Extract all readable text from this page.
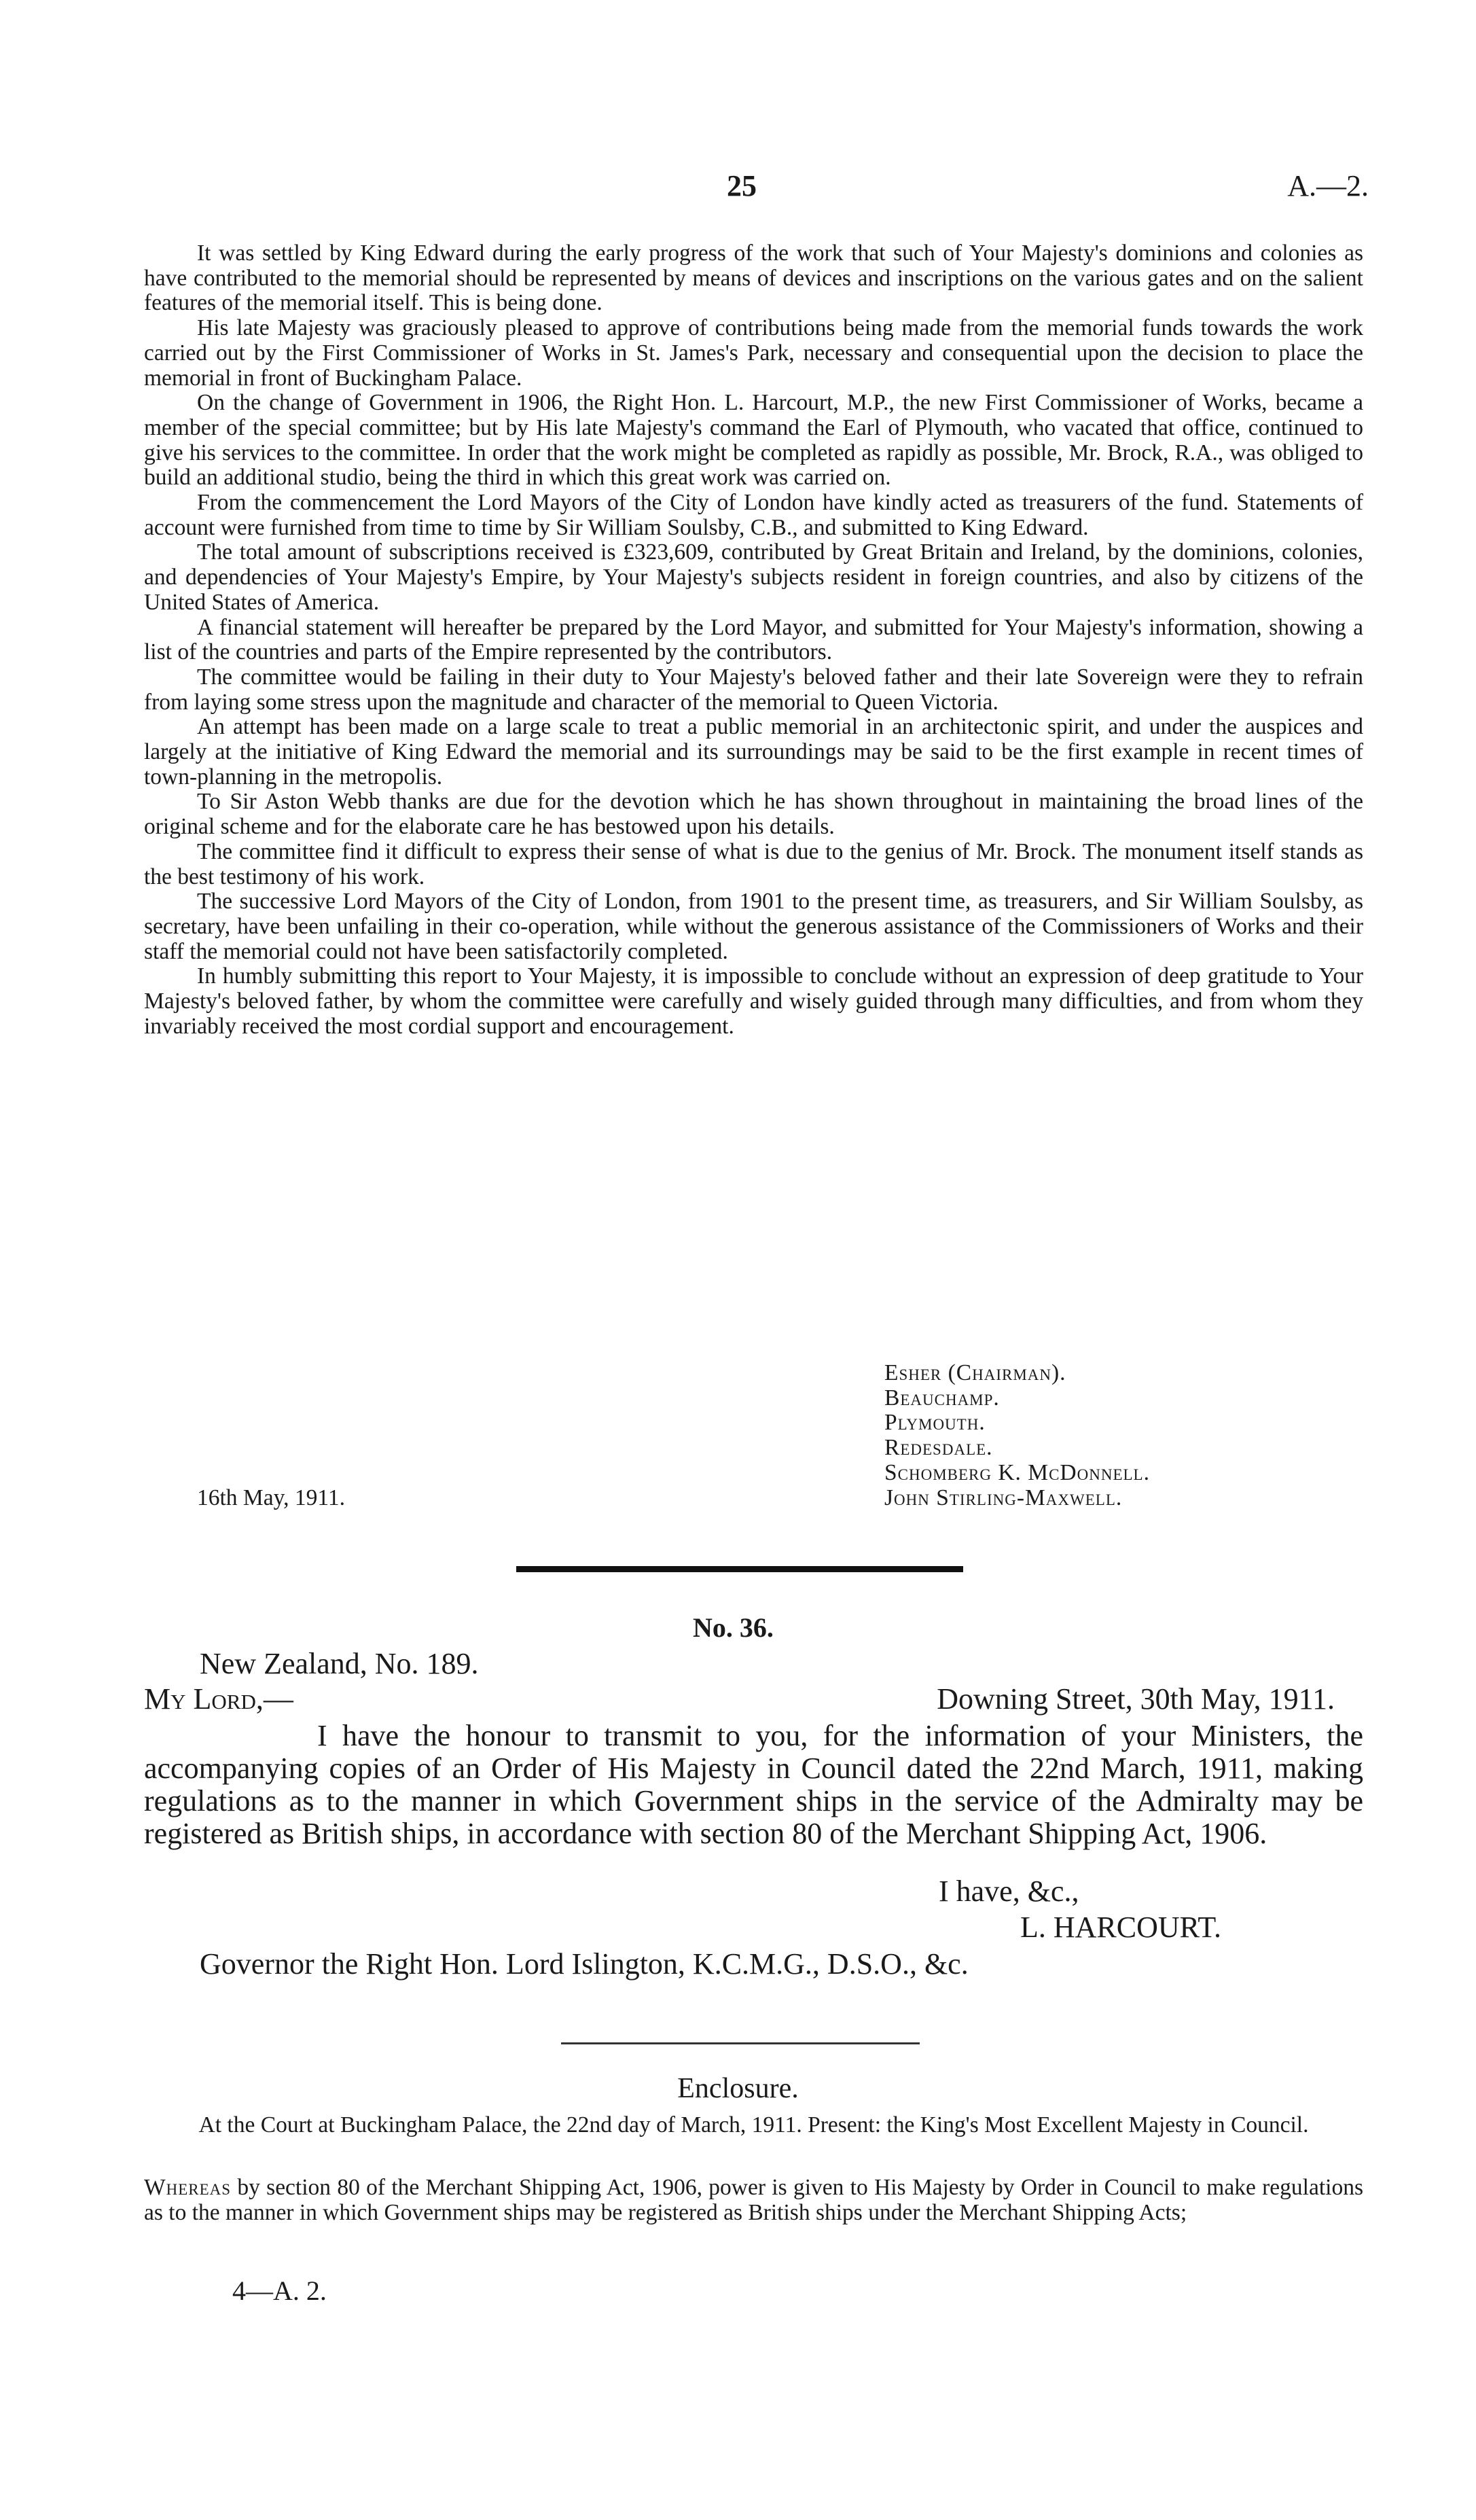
25	A.—2.

It was settled by King Edward during the early progress of the work that such of Your Majesty's dominions and colonies as have contributed to the memorial should be represented by means of devices and inscriptions on the various gates and on the salient features of the memorial itself. This is being done.

His late Majesty was graciously pleased to approve of contributions being made from the memorial funds towards the work carried out by the First Commissioner of Works in St. James's Park, necessary and consequential upon the decision to place the memorial in front of Buckingham Palace.

On the change of Government in 1906, the Right Hon. L. Harcourt, M.P., the new First Commissioner of Works, became a member of the special committee; but by His late Majesty's command the Earl of Plymouth, who vacated that office, continued to give his services to the committee. In order that the work might be completed as rapidly as possible, Mr. Brock, R.A., was obliged to build an additional studio, being the third in which this great work was carried on.

From the commencement the Lord Mayors of the City of London have kindly acted as treasurers of the fund. Statements of account were furnished from time to time by Sir William Soulsby, C.B., and submitted to King Edward.

The total amount of subscriptions received is £323,609, contributed by Great Britain and Ireland, by the dominions, colonies, and dependencies of Your Majesty's Empire, by Your Majesty's subjects resident in foreign countries, and also by citizens of the United States of America.

A financial statement will hereafter be prepared by the Lord Mayor, and submitted for Your Majesty's information, showing a list of the countries and parts of the Empire represented by the contributors.

The committee would be failing in their duty to Your Majesty's beloved father and their late Sovereign were they to refrain from laying some stress upon the magnitude and character of the memorial to Queen Victoria.

An attempt has been made on a large scale to treat a public memorial in an architectonic spirit, and under the auspices and largely at the initiative of King Edward the memorial and its surroundings may be said to be the first example in recent times of town-planning in the metropolis.

To Sir Aston Webb thanks are due for the devotion which he has shown throughout in maintaining the broad lines of the original scheme and for the elaborate care he has bestowed upon his details.

The committee find it difficult to express their sense of what is due to the genius of Mr. Brock. The monument itself stands as the best testimony of his work.

The successive Lord Mayors of the City of London, from 1901 to the present time, as treasurers, and Sir William Soulsby, as secretary, have been unfailing in their co-operation, while without the generous assistance of the Commissioners of Works and their staff the memorial could not have been satisfactorily completed.

In humbly submitting this report to Your Majesty, it is impossible to conclude without an expression of deep gratitude to Your Majesty's beloved father, by whom the committee were carefully and wisely guided through many difficulties, and from whom they invariably received the most cordial support and encouragement.

Esher (Chairman).
Beauchamp.
Plymouth.
Redesdale.
Schomberg K. McDonnell.
John Stirling-Maxwell.
16th May, 1911.
No. 36.
New Zealand, No. 189.
My Lord,—	Downing Street, 30th May, 1911.

I have the honour to transmit to you, for the information of your Ministers, the accompanying copies of an Order of His Majesty in Council dated the 22nd March, 1911, making regulations as to the manner in which Government ships in the service of the Admiralty may be registered as British ships, in accordance with section 80 of the Merchant Shipping Act, 1906.

I have, &c.,
L. HARCOURT.
Governor the Right Hon. Lord Islington, K.C.M.G., D.S.O., &c.
Enclosure.
At the Court at Buckingham Palace, the 22nd day of March, 1911. Present: the King's Most Excellent Majesty in Council.

Whereas by section 80 of the Merchant Shipping Act, 1906, power is given to His Majesty by Order in Council to make regulations as to the manner in which Government ships may be registered as British ships under the Merchant Shipping Acts;

4—A. 2.
